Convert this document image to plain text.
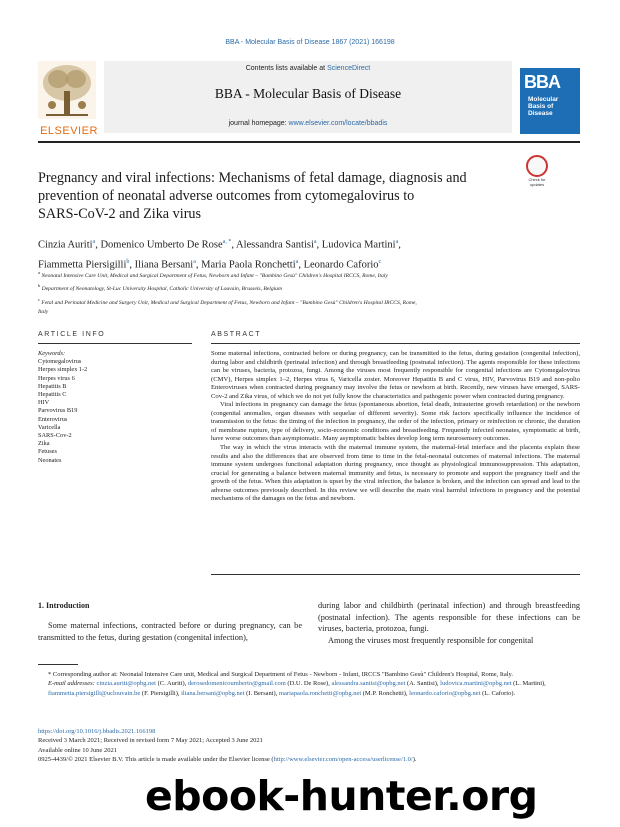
BBA - Molecular Basis of Disease 1867 (2021) 166198
ELSEVIER
Contents lists available at ScienceDirect
BBA - Molecular Basis of Disease
journal homepage: www.elsevier.com/locate/bbadis
BBA
Molecular
Basis of
Disease
Check for
updates
Pregnancy and viral infections: Mechanisms of fetal damage, diagnosis and
prevention of neonatal adverse outcomes from cytomegalovirus to
SARS-CoV-2 and Zika virus
Cinzia Auriti$^a$, Domenico Umberto De Rose$^{a, *}$, Alessandra Santisi$^a$, Ludovica Martini$^a$,
Fiammetta Piersigilli$^b$, Iliana Bersani$^a$, Maria Paola Ronchetti$^a$, Leonardo Caforio$^c$
$^a$ Neonatal Intensive Care Unit, Medical and Surgical Department of Fetus, Newborn and Infant – "Bambino Gesù" Children's Hospital IRCCS, Rome, Italy
$^b$ Department of Neonatology, St-Luc University Hospital, Catholic University of Louvain, Brussels, Belgium
$^c$ Fetal and Perinatal Medicine and Surgery Unit, Medical and Surgical Department of Fetus, Newborn and Infant – "Bambino Gesù" Children's Hospital IRCCS, Rome,
Italy
ARTICLE INFO	ABSTRACT
Keywords:
Cytomegalovirus
Herpes simplex 1-2
Herpes virus 6
Hepatitis B
Hepatitis C
HIV
Parvovirus B19
Enterovirus
Varicella
SARS-Cov-2
Zika
Fetuses
Neonates

Some maternal infections, contracted before or during pregnancy, can be transmitted to the fetus, during gestation (congenital infection), during labor and childbirth (perinatal infection) and through breastfeeding (postnatal infection). The agents responsible for these infections can be viruses, bacteria, protozoa, fungi. Among the viruses most frequently responsible for congenital infections are Cytomegalovirus (CMV), Herpes simplex 1–2, Herpes virus 6, Varicella zoster. Moreover Hepatitis B and C virus, HIV, Parvovirus B19 and non-polio Enteroviruses when contracted during pregnancy may involve the fetus or newborn at birth. Recently, new viruses have emerged, SARS-Cov-2 and Zika virus, of which we do not yet fully know the characteristics and pathogenic power when contracted during pregnancy.

Viral infections in pregnancy can damage the fetus (spontaneous abortion, fetal death, intrauterine growth retardation) or the newborn (congenital anomalies, organ diseases with sequelae of different severity). Some risk factors specifically influence the incidence of transmission to the fetus: the timing of the infection in pregnancy, the order of the infection, primary or reinfection or chronic, the duration of membrane rupture, type of delivery, socio-economic conditions and breastfeeding. Frequently infected neonates, symptomatic at birth, have worse outcomes than asymptomatic. Many asymptomatic babies develop long term neurosensory outcomes.

The way in which the virus interacts with the maternal immune system, the maternal-fetal interface and the placenta explain these results and also the differences that are observed from time to time in the fetal-neonatal outcomes of maternal infections. The maternal immune system undergoes functional adaptation during pregnancy, once thought as physiological immunosuppression. This adaptation, crucial for generating a balance between maternal immunity and fetus, is necessary to promote and support the pregnancy itself and the growth of the fetus. When this adaptation is upset by the viral infection, the balance is broken, and the infection can spread and lead to the adverse outcomes previously described. In this review we will describe the main viral harmful infections in pregnancy and the potential mechanisms of the damages on the fetus and newborn.

1. Introduction

Some maternal infections, contracted before or during pregnancy, can be transmitted to the fetus, during gestation (congenital infection),

during labor and childbirth (perinatal infection) and through breastfeeding (postnatal infection). The agents responsible for these infections can be viruses, bacteria, protozoa, fungi.

Among the viruses most frequently responsible for congenital

* Corresponding author at: Neonatal Intensive Care unit, Medical and Surgical Department of Fetus - Newborn - Infant, IRCCS "Bambino Gesù" Children's Hospital, Rome, Italy.

E-mail addresses: cinzia.auriti@opbg.net (C. Auriti), derosedomenicoumberto@gmail.com (D.U. De Rose), alessandra.santisi@opbg.net (A. Santisi), ludovica.martini@opbg.net (L. Martini), fiammetta.piersigilli@uclouvain.be (F. Piersigilli), iliana.bersani@opbg.net (I. Bersani), mariapaola.ronchetti@opbg.net (M.P. Ronchetti), leonardo.caforio@opbg.net (L. Caforio).

https://doi.org/10.1016/j.bbadis.2021.166198

Received 3 March 2021; Received in revised form 7 May 2021; Accepted 3 June 2021

Available online 10 June 2021

0925-4439/© 2021 Elsevier B.V. This article is made available under the Elsevier license (http://www.elsevier.com/open-access/userlicense/1.0/).

ebook-hunter.org
